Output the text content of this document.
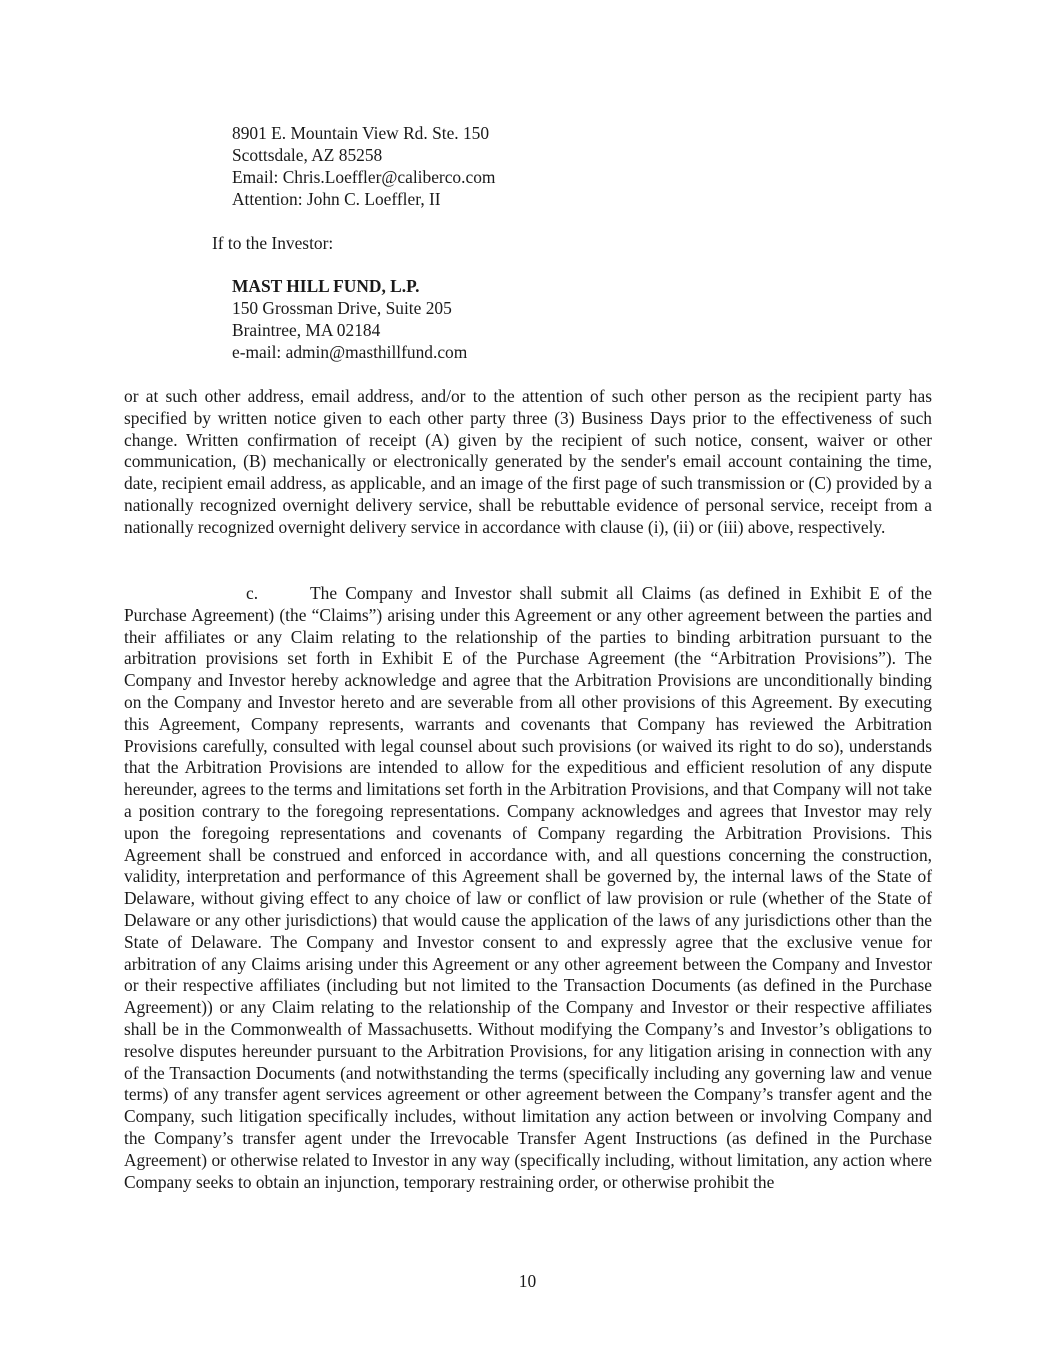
8901 E. Mountain View Rd. Ste. 150
Scottsdale, AZ 85258
Email: Chris.Loeffler@caliberco.com
Attention: John C. Loeffler, II
If to the Investor:
MAST HILL FUND, L.P.
150 Grossman Drive, Suite 205
Braintree, MA 02184
e-mail: admin@masthillfund.com

or at such other address, email address, and/or to the attention of such other person as the recipient party has specified by written notice given to each other party three (3) Business Days prior to the effectiveness of such change. Written confirmation of receipt (A) given by the recipient of such notice, consent, waiver or other communication, (B) mechanically or electronically generated by the sender's email account containing the time, date, recipient email address, as applicable, and an image of the first page of such transmission or (C) provided by a nationally recognized overnight delivery service, shall be rebuttable evidence of personal service, receipt from a nationally recognized overnight delivery service in accordance with clause (i), (ii) or (iii) above, respectively.

c.	The Company and Investor shall submit all Claims (as defined in Exhibit E of the Purchase Agreement) (the “Claims”) arising under this Agreement or any other agreement between the parties and their affiliates or any Claim relating to the relationship of the parties to binding arbitration pursuant to the arbitration provisions set forth in Exhibit E of the Purchase Agreement (the “Arbitration Provisions”). The Company and Investor hereby acknowledge and agree that the Arbitration Provisions are unconditionally binding on the Company and Investor hereto and are severable from all other provisions of this Agreement. By executing this Agreement, Company represents, warrants and covenants that Company has reviewed the Arbitration Provisions carefully, consulted with legal counsel about such provisions (or waived its right to do so), understands that the Arbitration Provisions are intended to allow for the expeditious and efficient resolution of any dispute hereunder, agrees to the terms and limitations set forth in the Arbitration Provisions, and that Company will not take a position contrary to the foregoing representations. Company acknowledges and agrees that Investor may rely upon the foregoing representations and covenants of Company regarding the Arbitration Provisions. This Agreement shall be construed and enforced in accordance with, and all questions concerning the construction, validity, interpretation and performance of this Agreement shall be governed by, the internal laws of the State of Delaware, without giving effect to any choice of law or conflict of law provision or rule (whether of the State of Delaware or any other jurisdictions) that would cause the application of the laws of any jurisdictions other than the State of Delaware. The Company and Investor consent to and expressly agree that the exclusive venue for arbitration of any Claims arising under this Agreement or any other agreement between the Company and Investor or their respective affiliates (including but not limited to the Transaction Documents (as defined in the Purchase Agreement)) or any Claim relating to the relationship of the Company and Investor or their respective affiliates shall be in the Commonwealth of Massachusetts. Without modifying the Company’s and Investor’s obligations to resolve disputes hereunder pursuant to the Arbitration Provisions, for any litigation arising in connection with any of the Transaction Documents (and notwithstanding the terms (specifically including any governing law and venue terms) of any transfer agent services agreement or other agreement between the Company’s transfer agent and the Company, such litigation specifically includes, without limitation any action between or involving Company and the Company’s transfer agent under the Irrevocable Transfer Agent Instructions (as defined in the Purchase Agreement) or otherwise related to Investor in any way (specifically including, without limitation, any action where Company seeks to obtain an injunction, temporary restraining order, or otherwise prohibit the

10
